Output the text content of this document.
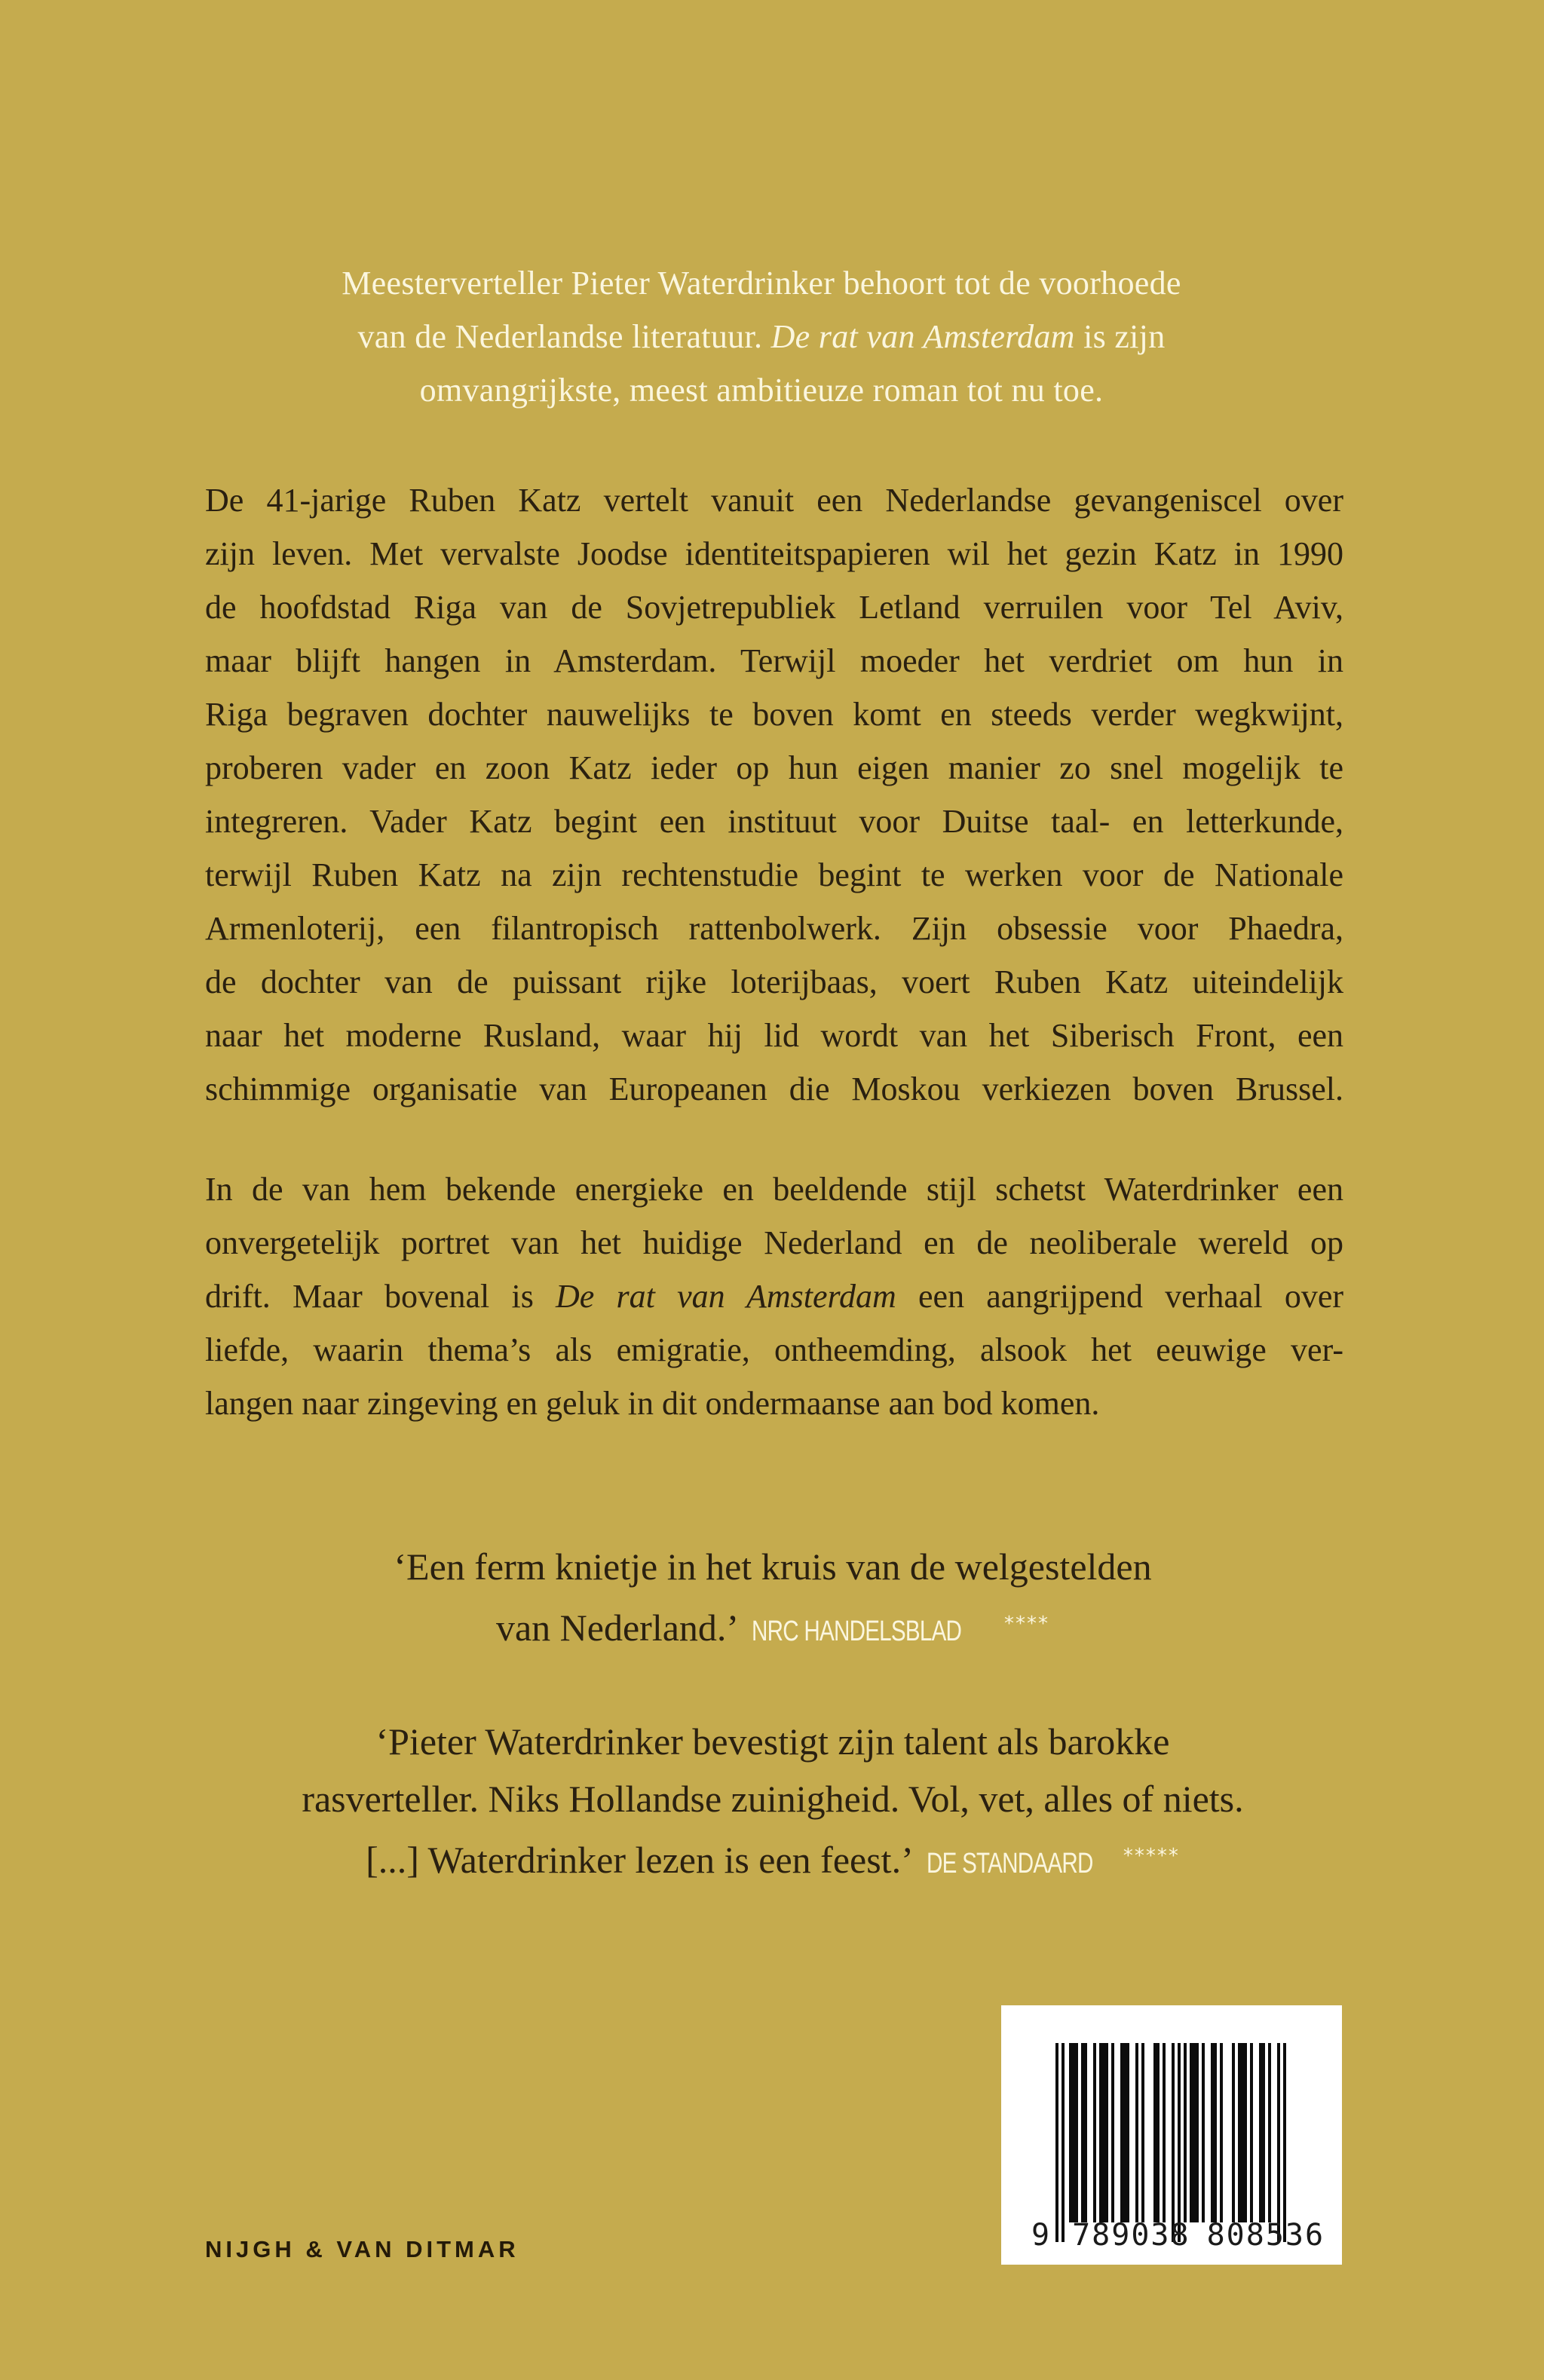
Meesterverteller Pieter Waterdrinker behoort tot de voorhoede
van de Nederlandse literatuur. De rat van Amsterdam is zijn
omvangrijkste, meest ambitieuze roman tot nu toe.
De 41-jarige Ruben Katz vertelt vanuit een Nederlandse gevangeniscel over
zijn leven. Met vervalste Joodse identiteitspapieren wil het gezin Katz in 1990
de hoofdstad Riga van de Sovjetrepubliek Letland verruilen voor Tel Aviv,
maar blijft hangen in Amsterdam. Terwijl moeder het verdriet om hun in
Riga begraven dochter nauwelijks te boven komt en steeds verder wegkwijnt,
proberen vader en zoon Katz ieder op hun eigen manier zo snel mogelijk te
integreren. Vader Katz begint een instituut voor Duitse taal- en letterkunde,
terwijl Ruben Katz na zijn rechtenstudie begint te werken voor de Nationale
Armenloterij, een filantropisch rattenbolwerk. Zijn obsessie voor Phaedra,
de dochter van de puissant rijke loterijbaas, voert Ruben Katz uiteindelijk
naar het moderne Rusland, waar hij lid wordt van het Siberisch Front, een
schimmige organisatie van Europeanen die Moskou verkiezen boven Brussel.
In de van hem bekende energieke en beeldende stijl schetst Waterdrinker een
onvergetelijk portret van het huidige Nederland en de neoliberale wereld op
drift. Maar bovenal is De rat van Amsterdam een aangrijpend verhaal over
liefde, waarin thema’s als emigratie, ontheemding, alsook het eeuwige ver-
langen naar zingeving en geluk in dit ondermaanse aan bod komen.
‘Een ferm knietje in het kruis van de welgestelden
van Nederland.’ NRC HANDELSBLAD ****
‘Pieter Waterdrinker bevestigt zijn talent als barokke
rasverteller. Niks Hollandse zuinigheid. Vol, vet, alles of niets.
[...] Waterdrinker lezen is een feest.’ DE STANDAARD *****
NIJGH & VAN DITMAR	9 789038 808536
